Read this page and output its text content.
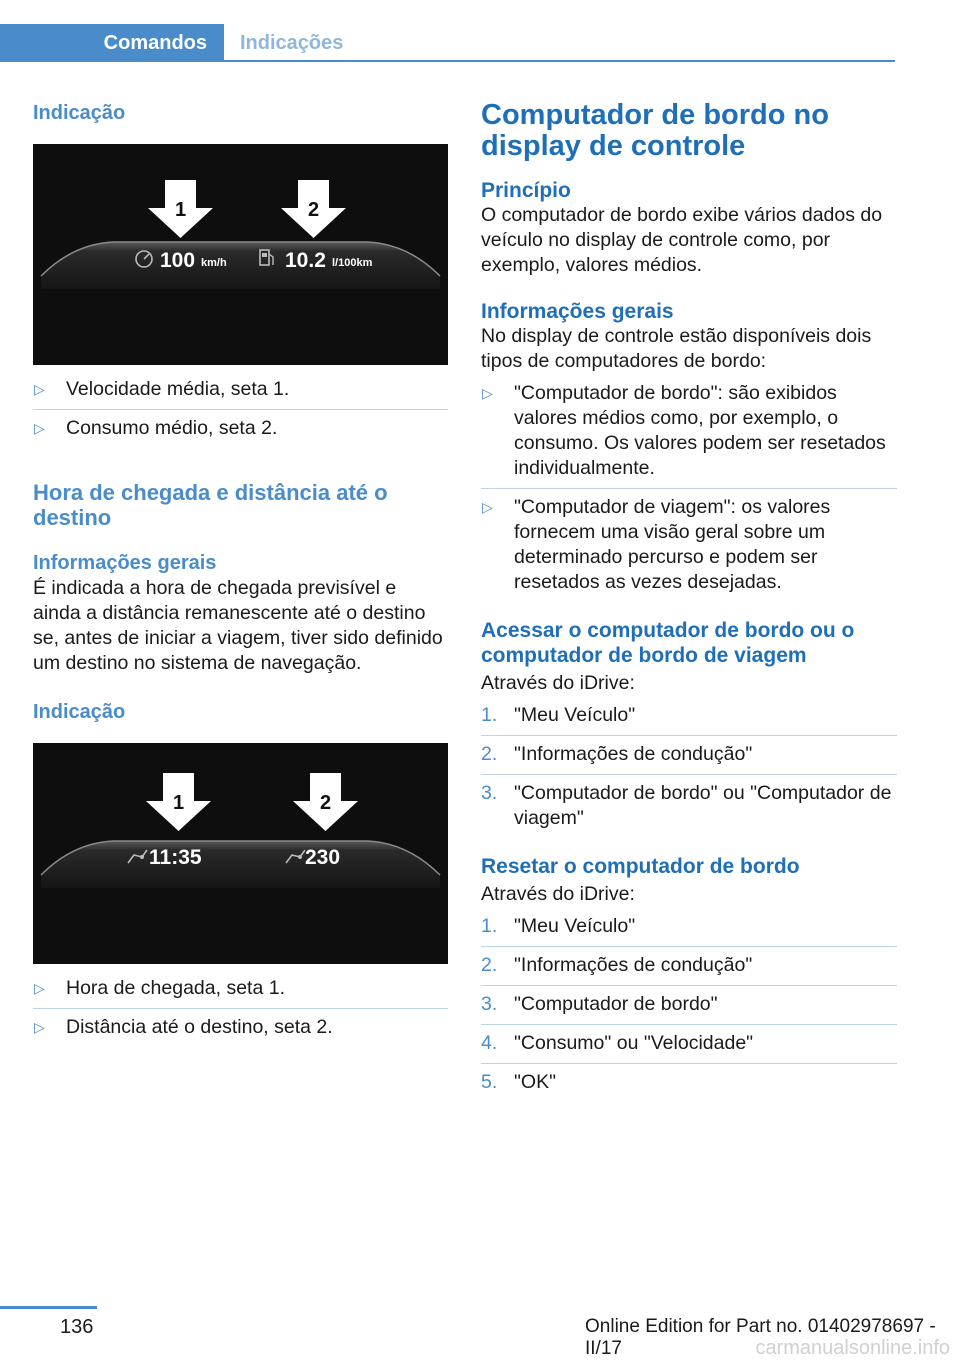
Comandos	Indicações
Indicação
1	2
100 km/h	10.2 l/100km
▷ Velocidade média, seta 1.
▷ Consumo médio, seta 2.
Hora de chegada e distância até o destino
Informações gerais

É indicada a hora de chegada previsível e ainda a distância remanescente até o destino se, antes de iniciar a viagem, tiver sido definido um destino no sistema de navegação.

Indicação
1	2
11:35	230
▷ Hora de chegada, seta 1.
▷ Distância até o destino, seta 2.
Computador de bordo no display de controle
Princípio

O computador de bordo exibe vários dados do veículo no display de controle como, por exemplo, valores médios.

Informações gerais

No display de controle estão disponíveis dois tipos de computadores de bordo:

▷ "Computador de bordo": são exibidos valores médios como, por exemplo, o consumo. Os valores podem ser resetados individualmente.
▷ "Computador de viagem": os valores fornecem uma visão geral sobre um determinado percurso e podem ser resetados as vezes desejadas.
Acessar o computador de bordo ou o computador de bordo de viagem

Através do iDrive:

1. "Meu Veículo"
2. "Informações de condução"
3. "Computador de bordo" ou "Computador de viagem"
Resetar o computador de bordo

Através do iDrive:

1. "Meu Veículo"
2. "Informações de condução"
3. "Computador de bordo"
4. "Consumo" ou "Velocidade"
5. "OK"
136	Online Edition for Part no. 01402978697 - II/17	carmanualsonline.info
